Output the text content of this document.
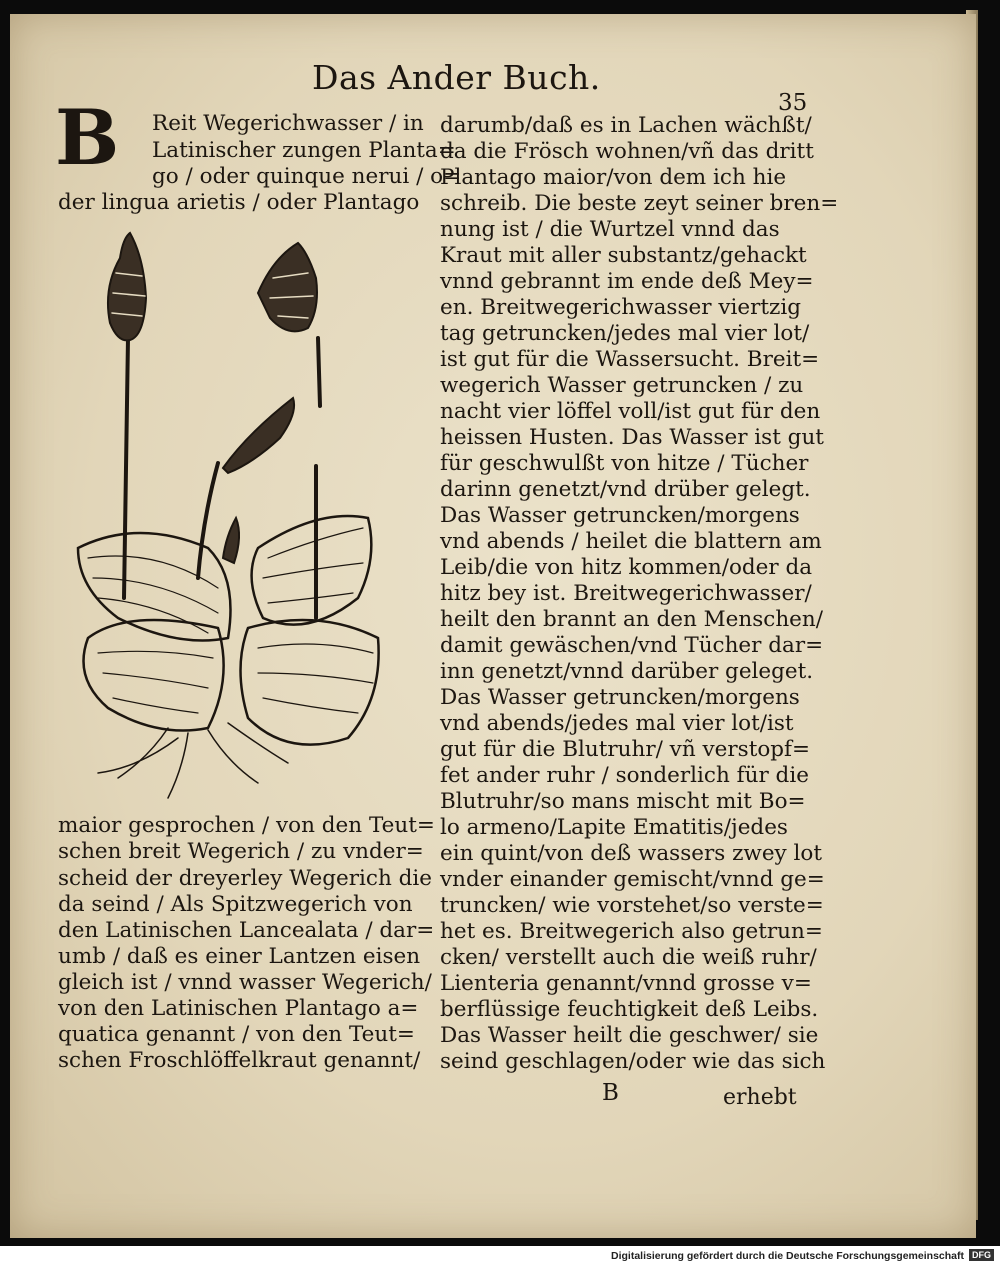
Das Ander Buch.
35
B Reit Wegerichwasser / in
Latinischer zungen Planta=
go / oder quinque nerui / o=
der lingua arietis / oder Plantago
maior gesprochen / von den Teut=
schen breit Wegerich / zu vnder=
scheid der dreyerley Wegerich die
da seind / Als Spitzwegerich von
den Latinischen Lancealata / dar=
umb / daß es einer Lantzen eisen
gleich ist / vnnd wasser Wegerich/
von den Latinischen Plantago a=
quatica genannt / von den Teut=
schen Froschlöffelkraut genannt/
darumb/daß es in Lachen wächßt/
da die Frösch wohnen/vñ das dritt
Plantago maior/von dem ich hie
schreib. Die beste zeyt seiner bren=
nung ist / die Wurtzel vnnd das
Kraut mit aller substantz/gehackt
vnnd gebrannt im ende deß Mey=
en. Breitwegerichwasser viertzig
tag getruncken/jedes mal vier lot/
ist gut für die Wassersucht. Breit=
wegerich Wasser getruncken / zu
nacht vier löffel voll/ist gut für den
heissen Husten. Das Wasser ist gut
für geschwulßt von hitze / Tücher
darinn genetzt/vnd drüber gelegt.
Das Wasser getruncken/morgens
vnd abends / heilet die blattern am
Leib/die von hitz kommen/oder da
hitz bey ist. Breitwegerichwasser/
heilt den brannt an den Menschen/
damit gewäschen/vnd Tücher dar=
inn genetzt/vnnd darüber geleget.
Das Wasser getruncken/morgens
vnd abends/jedes mal vier lot/ist
gut für die Blutruhr/ vñ verstopf=
fet ander ruhr / sonderlich für die
Blutruhr/so mans mischt mit Bo=
lo armeno/Lapite Ematitis/jedes
ein quint/von deß wassers zwey lot
vnder einander gemischt/vnnd ge=
truncken/ wie vorstehet/so verste=
het es. Breitwegerich also getrun=
cken/ verstellt auch die weiß ruhr/
Lienteria genannt/vnnd grosse v=
berflüssige feuchtigkeit deß Leibs.
Das Wasser heilt die geschwer/ sie
seind geschlagen/oder wie das sich
B	erhebt
Digitalisierung gefördert durch die Deutsche Forschungsgemeinschaft DFG
